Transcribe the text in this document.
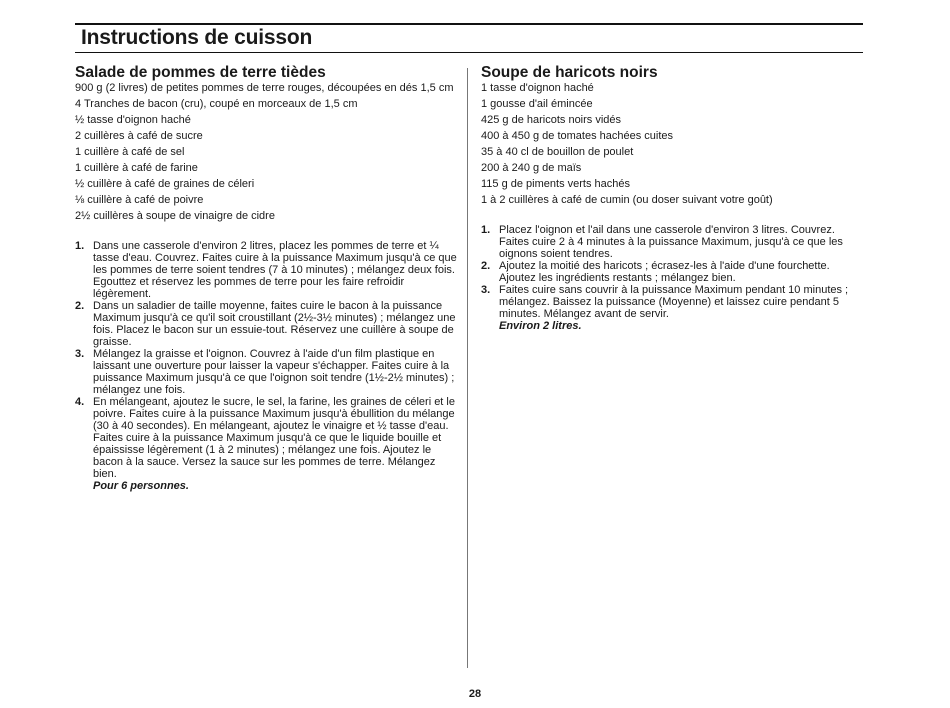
Instructions de cuisson
Salade de pommes de terre tièdes
900 g (2 livres) de petites pommes de terre rouges, découpées en dés 1,5 cm
4 Tranches de bacon (cru), coupé en morceaux de 1,5 cm
½ tasse d'oignon haché
2 cuillères à café de sucre
1 cuillère à café de sel
1 cuillère à café de farine
½ cuillère à café de graines de céleri
⅛ cuillère à café de poivre
2½ cuillères à soupe de vinaigre de cidre
1. Dans une casserole d'environ 2 litres, placez les pommes de terre et ¼ tasse d'eau. Couvrez. Faites cuire à la puissance Maximum jusqu'à ce que les pommes de terre soient tendres (7 à 10 minutes) ; mélangez deux fois. Egouttez et réservez les pommes de terre pour les faire refroidir légèrement.
2. Dans un saladier de taille moyenne, faites cuire le bacon à la puissance Maximum jusqu'à ce qu'il soit croustillant (2½-3½ minutes) ; mélangez une fois. Placez le bacon sur un essuie-tout. Réservez une cuillère à soupe de graisse.
3. Mélangez la graisse et l'oignon. Couvrez à l'aide d'un film plastique en laissant une ouverture pour laisser la vapeur s'échapper. Faites cuire à la puissance Maximum jusqu'à ce que l'oignon soit tendre (1½-2½ minutes) ; mélangez une fois.
4. En mélangeant, ajoutez le sucre, le sel, la farine, les graines de céleri et le poivre. Faites cuire à la puissance Maximum jusqu'à ébullition du mélange (30 à 40 secondes). En mélangeant, ajoutez le vinaigre et ½ tasse d'eau. Faites cuire à la puissance Maximum jusqu'à ce que le liquide bouille et épaississe légèrement (1 à 2 minutes) ; mélangez une fois. Ajoutez le bacon à la sauce. Versez la sauce sur les pommes de terre. Mélangez bien.

Pour 6 personnes.

Soupe de haricots noirs
1 tasse d'oignon haché
1 gousse d'ail émincée
425 g de haricots noirs vidés
400 à 450 g de tomates hachées cuites
35 à 40 cl de bouillon de poulet
200 à 240 g de maïs
115 g de piments verts hachés
1 à 2 cuillères à café de cumin (ou doser suivant votre goût)
1. Placez l'oignon et l'ail dans une casserole d'environ 3 litres. Couvrez. Faites cuire 2 à 4 minutes à la puissance Maximum, jusqu'à ce que les oignons soient tendres.
2. Ajoutez la moitié des haricots ; écrasez-les à l'aide d'une fourchette. Ajoutez les ingrédients restants ; mélangez bien.
3. Faites cuire sans couvrir à la puissance Maximum pendant 10 minutes ; mélangez. Baissez la puissance (Moyenne) et laissez cuire pendant 5 minutes. Mélangez avant de servir.

Environ 2 litres.

28
